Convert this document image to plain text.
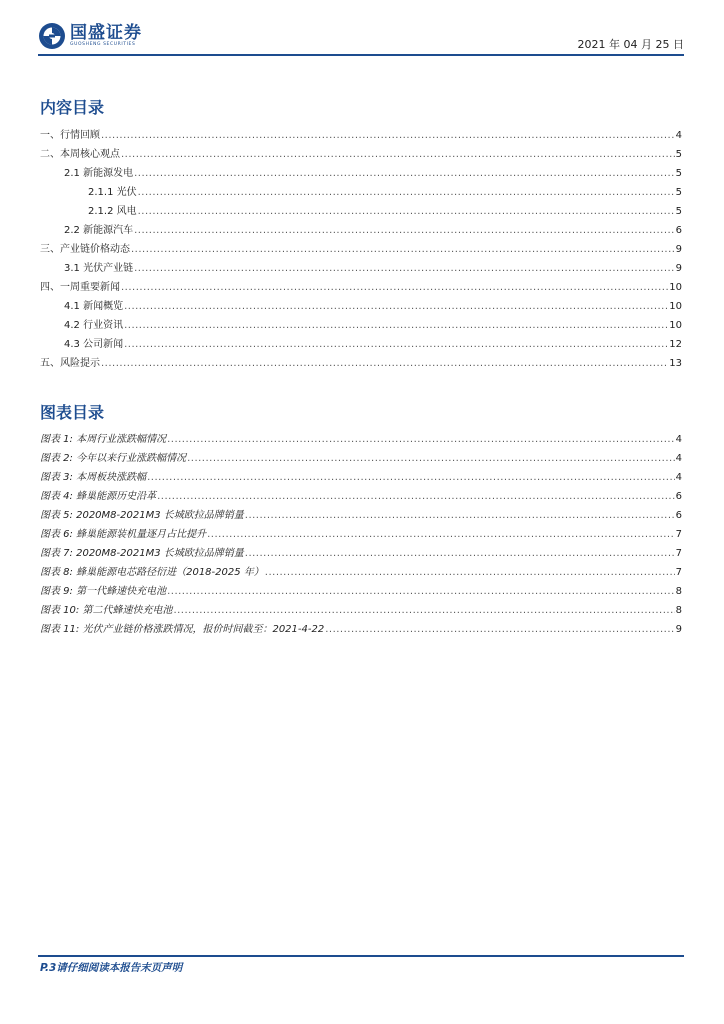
国盛证券
GUOSHENG SECURITIES	2021 年 04 月 25 日
内容目录
一、行情回顾 .....	4
二、本周核心观点 .....	5
2.1 新能源发电 .....	5
2.1.1 光伏 .....	5
2.1.2 风电 .....	5
2.2 新能源汽车 .....	6
三、产业链价格动态 .....	9
3.1 光伏产业链 .....	9
四、一周重要新闻 .....	10
4.1 新闻概览 .....	10
4.2 行业资讯 .....	10
4.3 公司新闻 .....	12
五、风险提示 .....	13
图表目录
图表 1: 本周行业涨跌幅情况 .....	4
图表 2: 今年以来行业涨跌幅情况 .....	4
图表 3: 本周板块涨跌幅 .....	4
图表 4: 蜂巢能源历史沿革 .....	6
图表 5: 2020M8-2021M3 长城欧拉品牌销量 .....	6
图表 6: 蜂巢能源装机量逐月占比提升 .....	7
图表 7: 2020M8-2021M3 长城欧拉品牌销量 .....	7
图表 8: 蜂巢能源电芯路径衍进（2018-2025 年） .....	7
图表 9: 第一代蜂速快充电池 .....	8
图表 10: 第二代蜂速快充电池 .....	8
图表 11: 光伏产业链价格涨跌情况，报价时间截至：2021-4-22 .....	9
P.3请仔细阅读本报告末页声明
